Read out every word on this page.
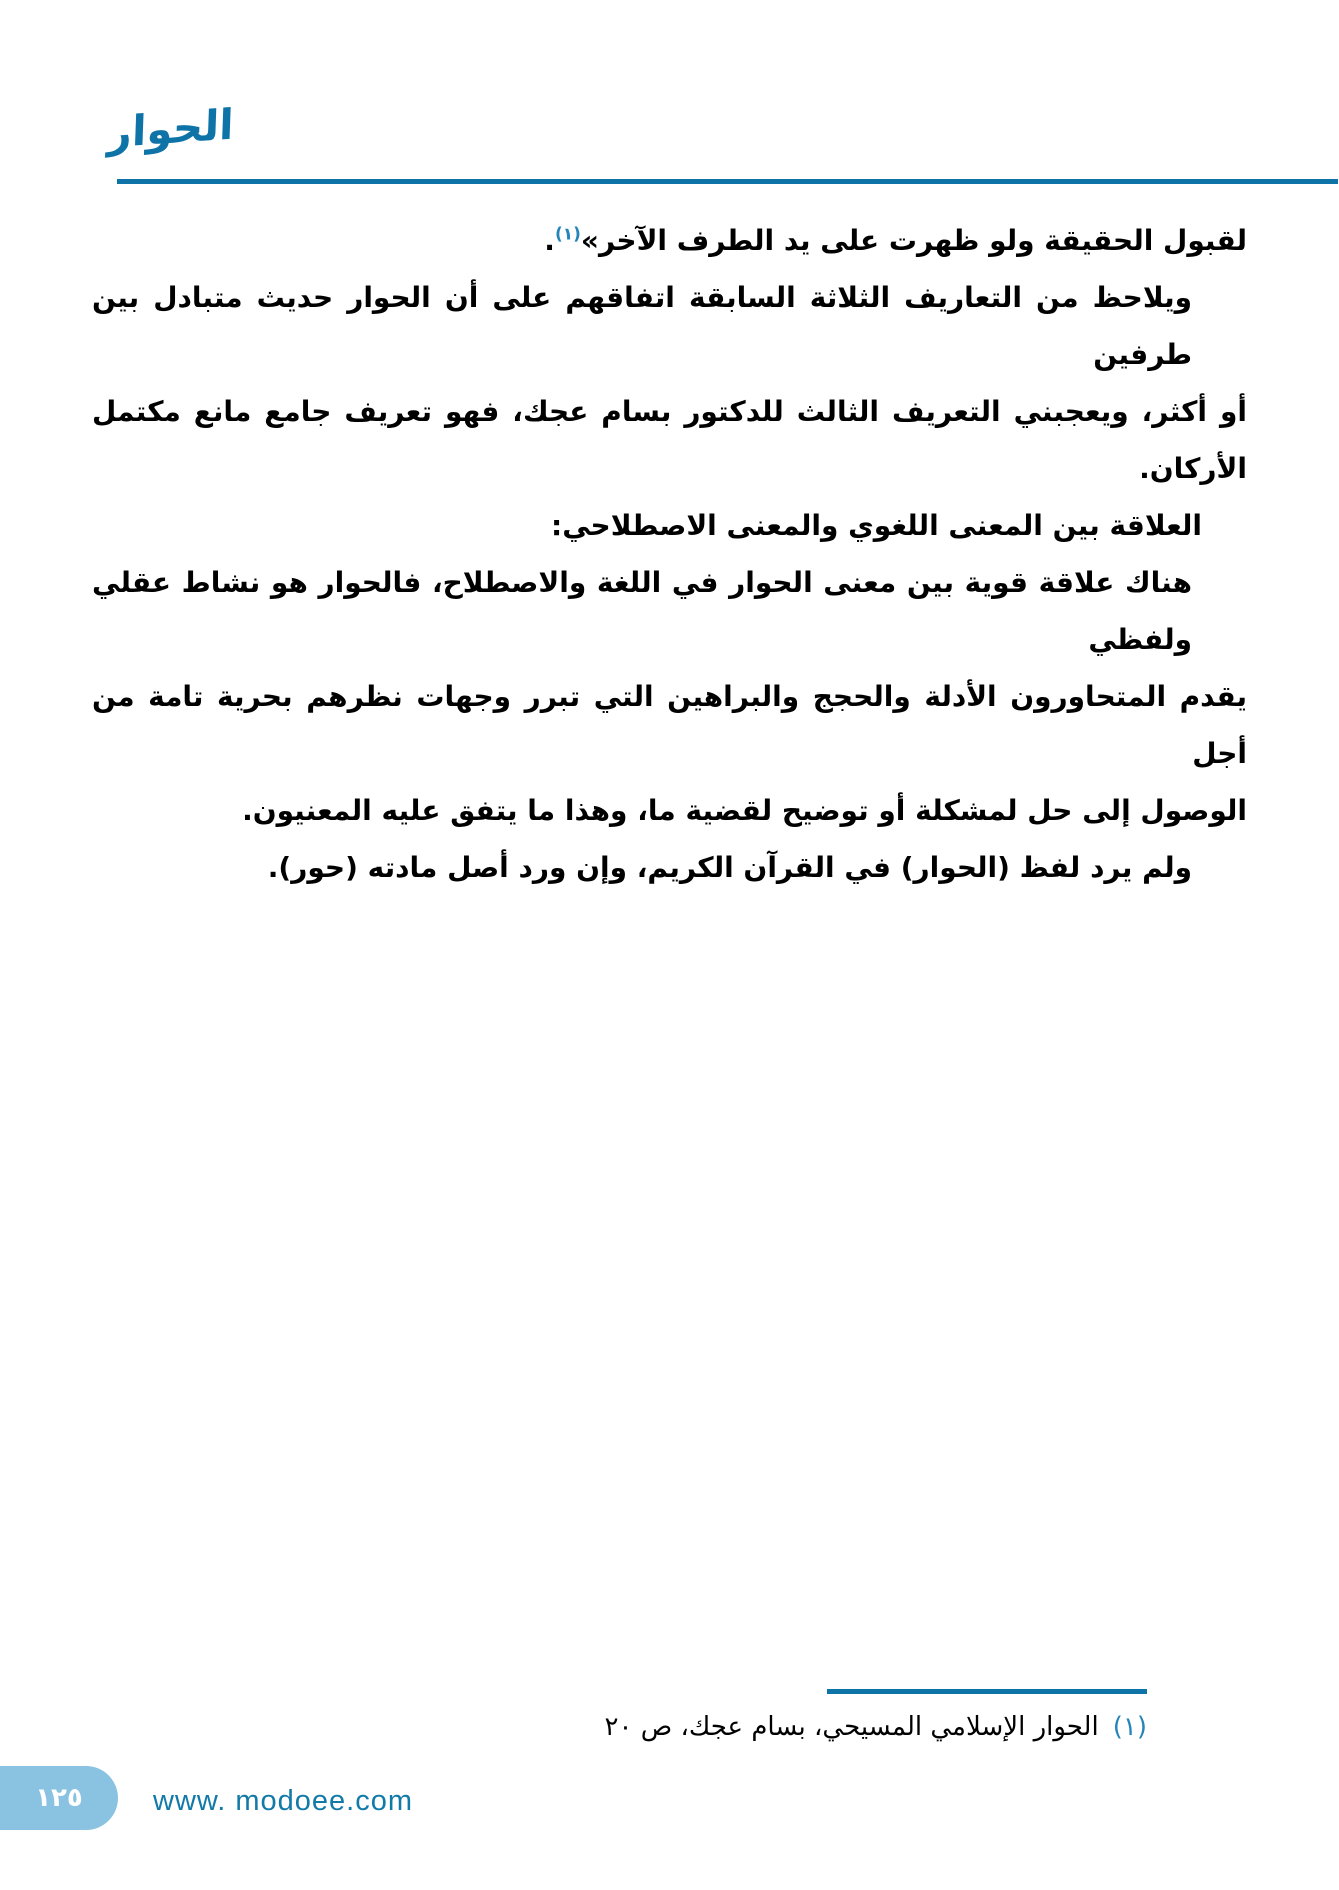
الحوار
لقبول الحقيقة ولو ظهرت على يد الطرف الآخر»$^{(١)}$.
ويلاحظ من التعاريف الثلاثة السابقة اتفاقهم على أن الحوار حديث متبادل بين طرفين
أو أكثر، ويعجبني التعريف الثالث للدكتور بسام عجك، فهو تعريف جامع مانع مكتمل
الأركان.
العلاقة بين المعنى اللغوي والمعنى الاصطلاحي:
هناك علاقة قوية بين معنى الحوار في اللغة والاصطلاح، فالحوار هو نشاط عقلي ولفظي
يقدم المتحاورون الأدلة والحجج والبراهين التي تبرر وجهات نظرهم بحرية تامة من أجل
الوصول إلى حل لمشكلة أو توضيح لقضية ما، وهذا ما يتفق عليه المعنيون.
ولم يرد لفظ (الحوار) في القرآن الكريم، وإن ورد أصل مادته (حور).
(١)الحوار الإسلامي المسيحي، بسام عجك، ص ٢٠
١٢٥ www. modoee.com
